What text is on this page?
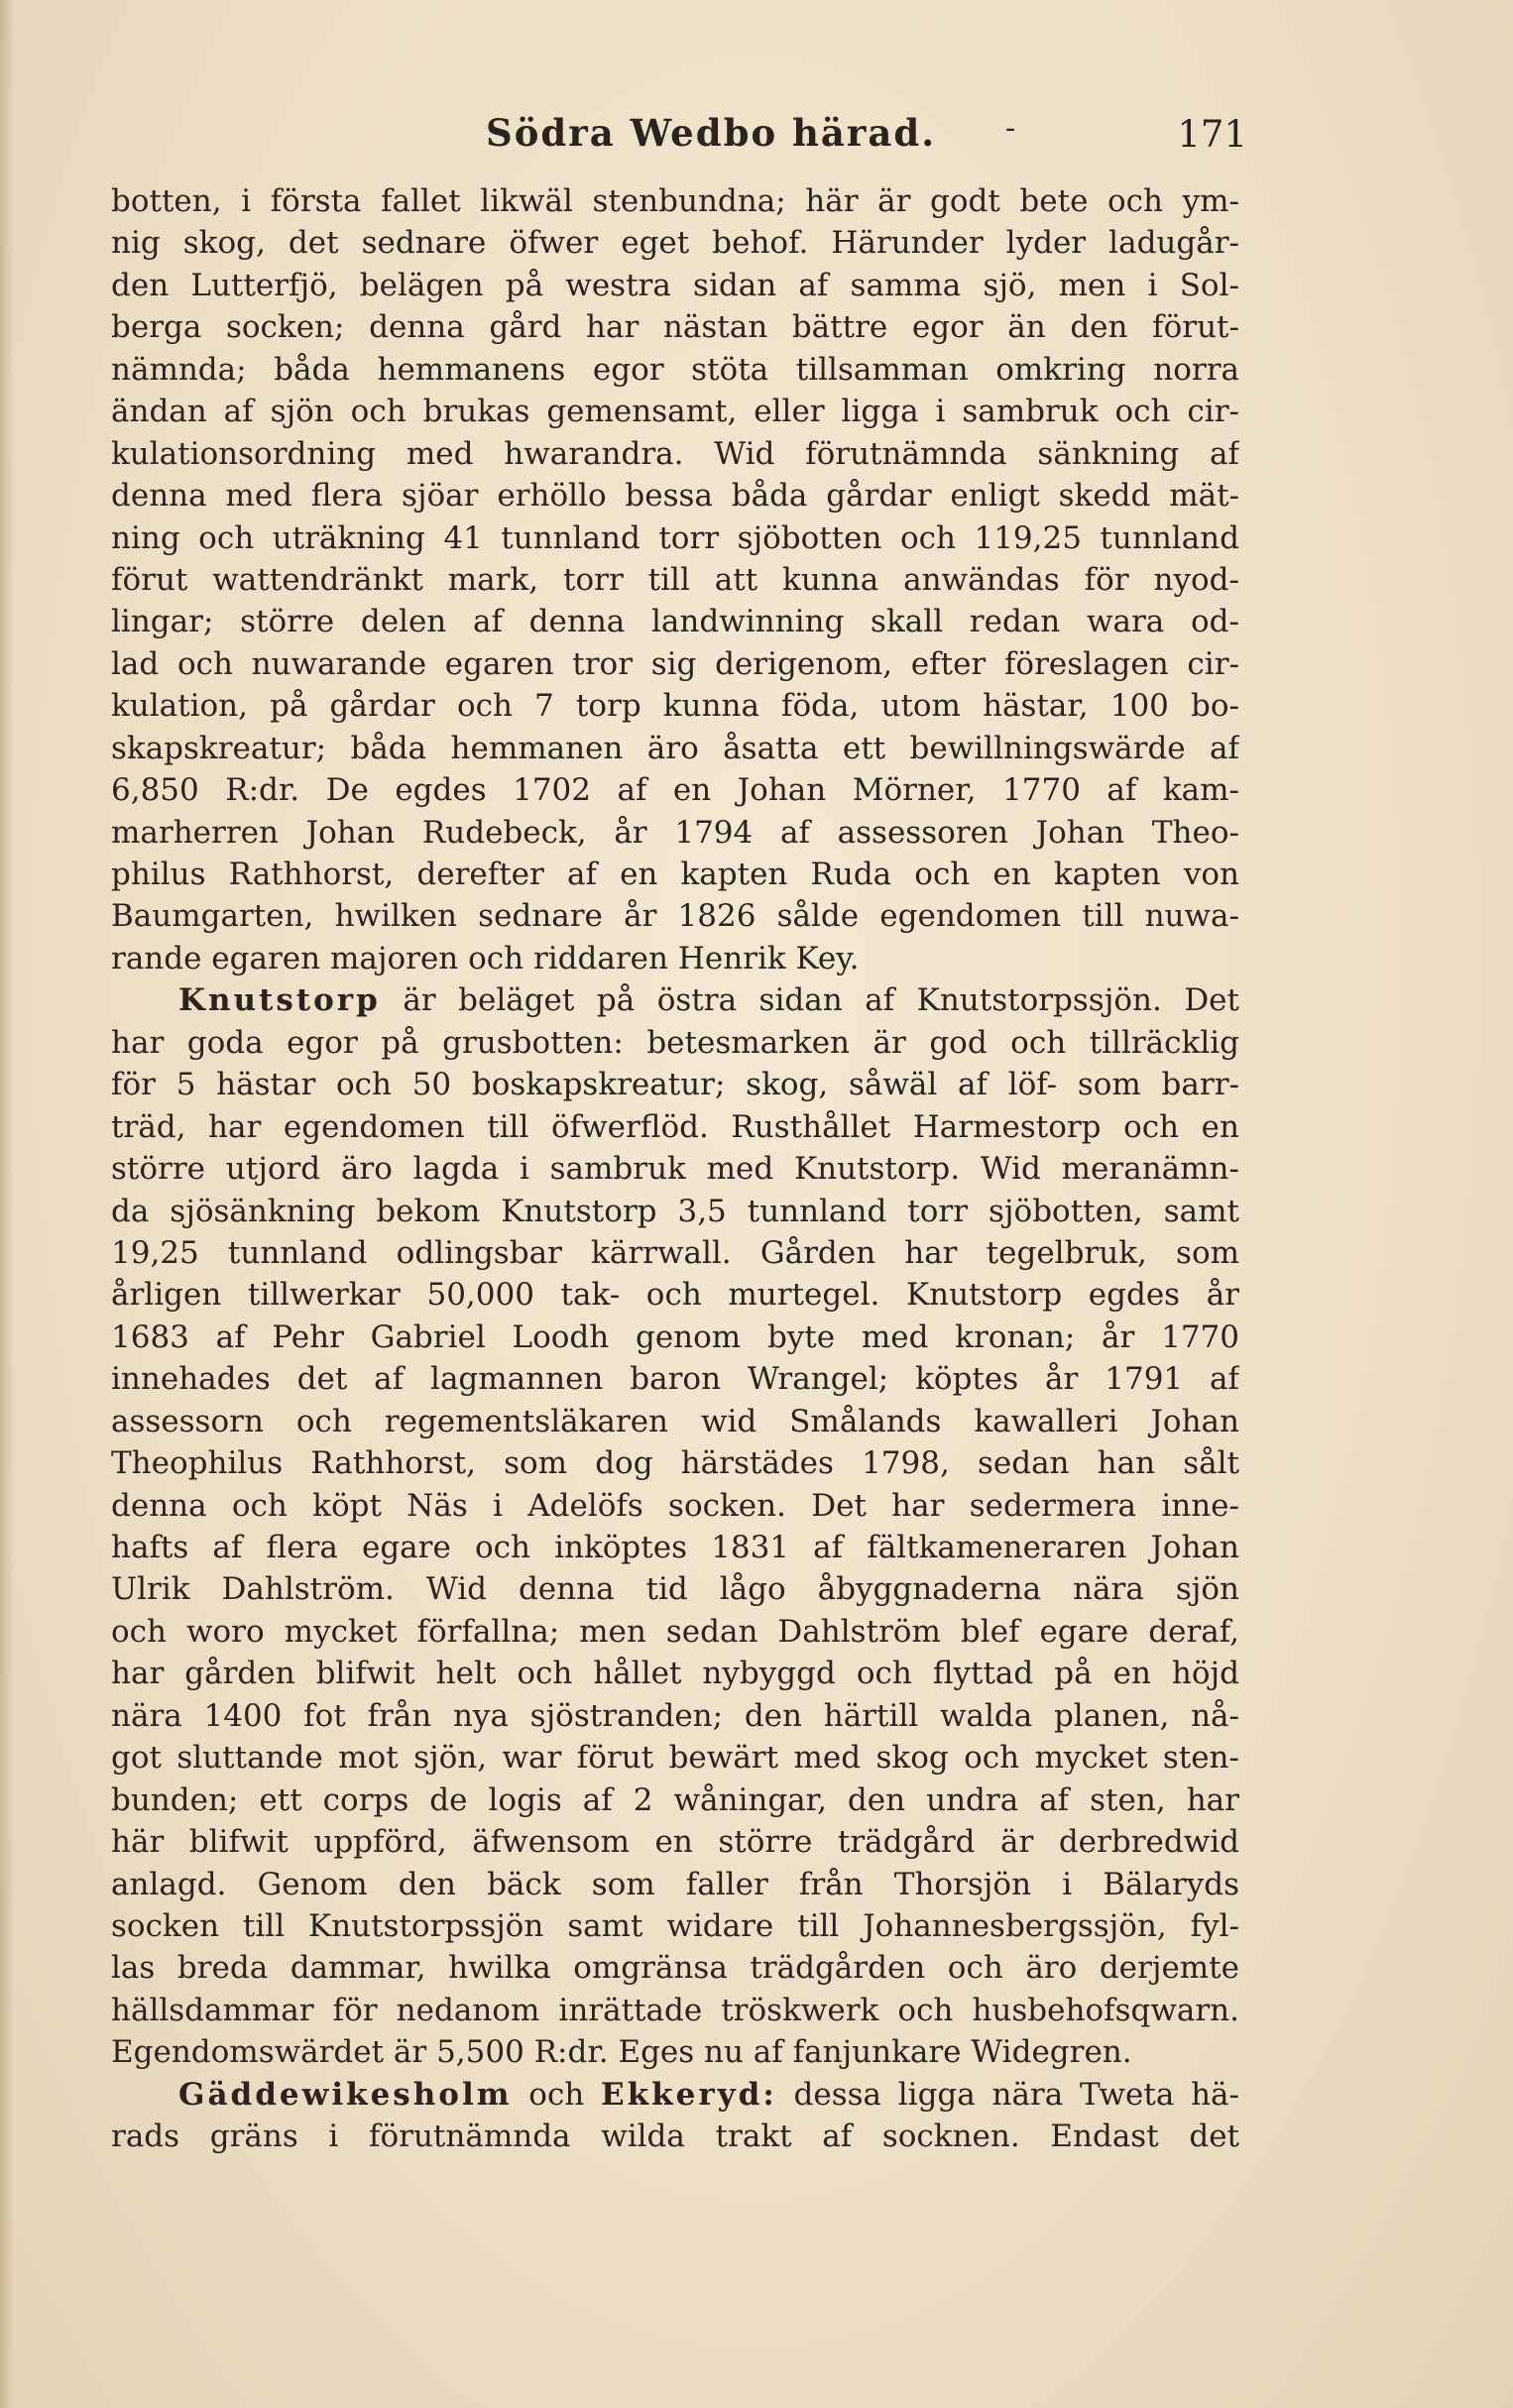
Södra Wedbo härad. -	171
botten, i första fallet likwäl stenbundna; här är godt bete och ym-
nig skog, det sednare öfwer eget behof. Härunder lyder ladugår-
den Lutterfjö, belägen på westra sidan af samma sjö, men i Sol-
berga socken; denna gård har nästan bättre egor än den förut-
nämnda; båda hemmanens egor stöta tillsamman omkring norra
ändan af sjön och brukas gemensamt, eller ligga i sambruk och cir-
kulationsordning med hwarandra. Wid förutnämnda sänkning af
denna med flera sjöar erhöllo bessa båda gårdar enligt skedd mät-
ning och uträkning 41 tunnland torr sjöbotten och 119,25 tunnland
förut wattendränkt mark, torr till att kunna anwändas för nyod-
lingar; större delen af denna landwinning skall redan wara od-
lad och nuwarande egaren tror sig derigenom, efter föreslagen cir-
kulation, på gårdar och 7 torp kunna föda, utom hästar, 100 bo-
skapskreatur; båda hemmanen äro åsatta ett bewillningswärde af
6,850 R:dr. De egdes 1702 af en Johan Mörner, 1770 af kam-
marherren Johan Rudebeck, år 1794 af assessoren Johan Theo-
philus Rathhorst, derefter af en kapten Ruda och en kapten von
Baumgarten, hwilken sednare år 1826 sålde egendomen till nuwa-
rande egaren majoren och riddaren Henrik Key.
Knutstorp är beläget på östra sidan af Knutstorpssjön. Det
har goda egor på grusbotten: betesmarken är god och tillräcklig
för 5 hästar och 50 boskapskreatur; skog, såwäl af löf- som barr-
träd, har egendomen till öfwerflöd. Rusthållet Harmestorp och en
större utjord äro lagda i sambruk med Knutstorp. Wid meranämn-
da sjösänkning bekom Knutstorp 3,5 tunnland torr sjöbotten, samt
19,25 tunnland odlingsbar kärrwall. Gården har tegelbruk, som
årligen tillwerkar 50,000 tak- och murtegel. Knutstorp egdes år
1683 af Pehr Gabriel Loodh genom byte med kronan; år 1770
innehades det af lagmannen baron Wrangel; köptes år 1791 af
assessorn och regementsläkaren wid Smålands kawalleri Johan
Theophilus Rathhorst, som dog härstädes 1798, sedan han sålt
denna och köpt Näs i Adelöfs socken. Det har sedermera inne-
hafts af flera egare och inköptes 1831 af fältkameneraren Johan
Ulrik Dahlström. Wid denna tid lågo åbyggnaderna nära sjön
och woro mycket förfallna; men sedan Dahlström blef egare deraf,
har gården blifwit helt och hållet nybyggd och flyttad på en höjd
nära 1400 fot från nya sjöstranden; den härtill walda planen, nå-
got sluttande mot sjön, war förut bewärt med skog och mycket sten-
bunden; ett corps de logis af 2 wåningar, den undra af sten, har
här blifwit uppförd, äfwensom en större trädgård är derbredwid
anlagd. Genom den bäck som faller från Thorsjön i Bälaryds
socken till Knutstorpssjön samt widare till Johannesbergssjön, fyl-
las breda dammar, hwilka omgränsa trädgården och äro derjemte
hällsdammar för nedanom inrättade tröskwerk och husbehofsqwarn.
Egendomswärdet är 5,500 R:dr. Eges nu af fanjunkare Widegren.
Gäddewikesholm och Ekkeryd: dessa ligga nära Tweta hä-
rads gräns i förutnämnda wilda trakt af socknen. Endast det
